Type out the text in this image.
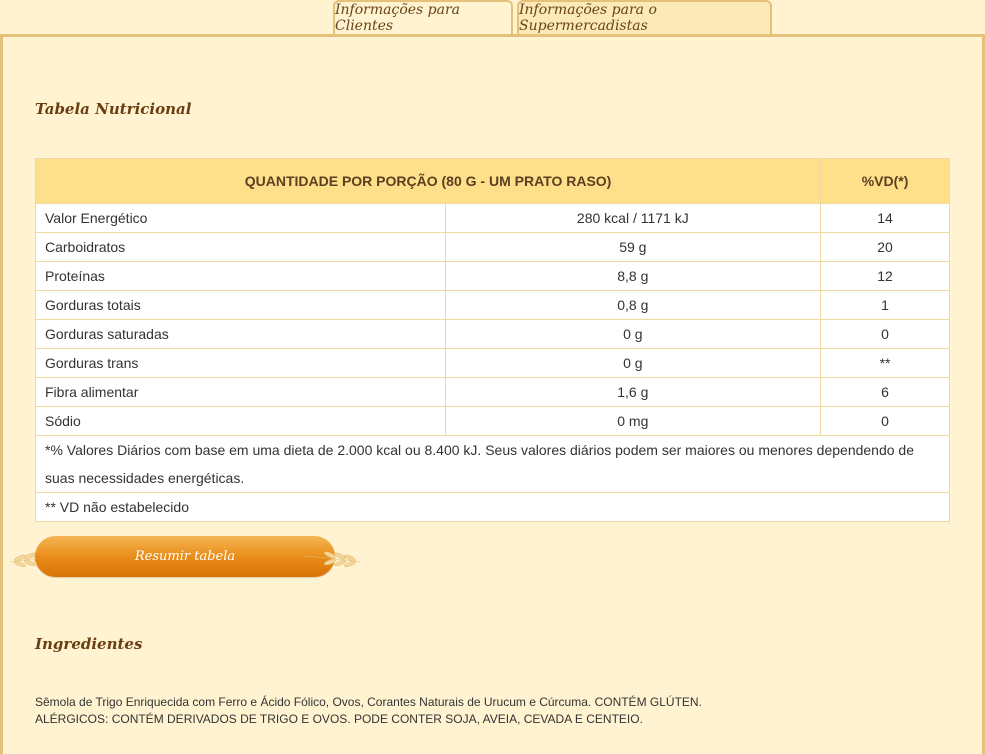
Informações para Clientes
Informações para o Supermercadistas
Tabela Nutricional
QUANTIDADE POR PORÇÃO (80 G - UM PRATO RASO)		%VD(*)
Valor Energético	280 kcal / 1171 kJ	14
Carboidratos	59 g	20
Proteínas	8,8 g	12
Gorduras totais	0,8 g	1
Gorduras saturadas	0 g	0
Gorduras trans	0 g	**
Fibra alimentar	1,6 g	6
Sódio	0 mg	0
*% Valores Diários com base em uma dieta de 2.000 kcal ou 8.400 kJ. Seus valores diários podem ser maiores ou menores dependendo de suas necessidades energéticas.		
** VD não estabelecido		
Resumir tabela
Ingredientes
Sêmola de Trigo Enriquecida com Ferro e Ácido Fólico, Ovos, Corantes Naturais de Urucum e Cúrcuma. CONTÉM GLÚTEN.
ALÉRGICOS: CONTÉM DERIVADOS DE TRIGO E OVOS. PODE CONTER SOJA, AVEIA, CEVADA E CENTEIO.
